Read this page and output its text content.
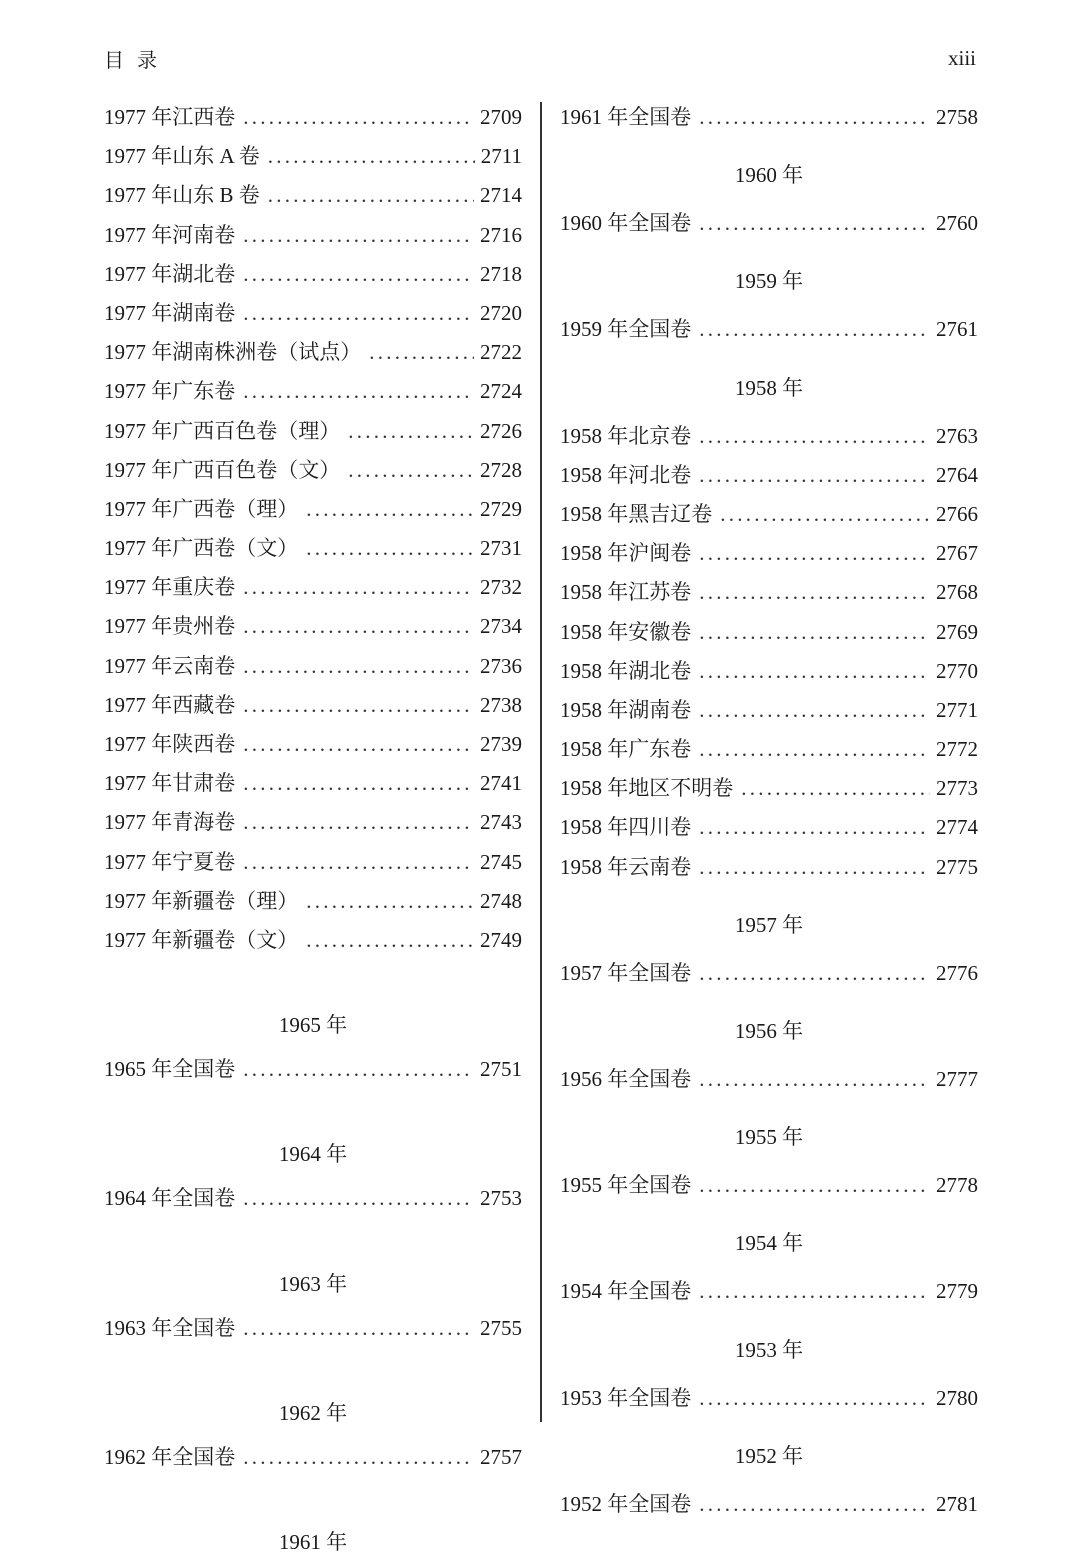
目 录	xiii
1977 年江西卷 . . .	2709
1977 年山东 A 卷 . . .	2711
1977 年山东 B 卷 . . .	2714
1977 年河南卷 . . .	2716
1977 年湖北卷 . . .	2718
1977 年湖南卷 . . .	2720
1977 年湖南株洲卷（试点） . . .	2722
1977 年广东卷 . . .	2724
1977 年广西百色卷（理） . . .	2726
1977 年广西百色卷（文） . . .	2728
1977 年广西卷（理） . . .	2729
1977 年广西卷（文） . . .	2731
1977 年重庆卷 . . .	2732
1977 年贵州卷 . . .	2734
1977 年云南卷 . . .	2736
1977 年西藏卷 . . .	2738
1977 年陕西卷 . . .	2739
1977 年甘肃卷 . . .	2741
1977 年青海卷 . . .	2743
1977 年宁夏卷 . . .	2745
1977 年新疆卷（理） . . .	2748
1977 年新疆卷（文） . . .	2749
1965 年
1965 年全国卷 . . .	2751
1964 年
1964 年全国卷 . . .	2753
1963 年
1963 年全国卷 . . .	2755
1962 年
1962 年全国卷 . . .	2757
1961 年
1961 年全国卷 . . .	2758
1960 年
1960 年全国卷 . . .	2760
1959 年
1959 年全国卷 . . .	2761
1958 年
1958 年北京卷 . . .	2763
1958 年河北卷 . . .	2764
1958 年黑吉辽卷 . . .	2766
1958 年沪闽卷 . . .	2767
1958 年江苏卷 . . .	2768
1958 年安徽卷 . . .	2769
1958 年湖北卷 . . .	2770
1958 年湖南卷 . . .	2771
1958 年广东卷 . . .	2772
1958 年地区不明卷 . . .	2773
1958 年四川卷 . . .	2774
1958 年云南卷 . . .	2775
1957 年
1957 年全国卷 . . .	2776
1956 年
1956 年全国卷 . . .	2777
1955 年
1955 年全国卷 . . .	2778
1954 年
1954 年全国卷 . . .	2779
1953 年
1953 年全国卷 . . .	2780
1952 年
1952 年全国卷 . . .	2781
